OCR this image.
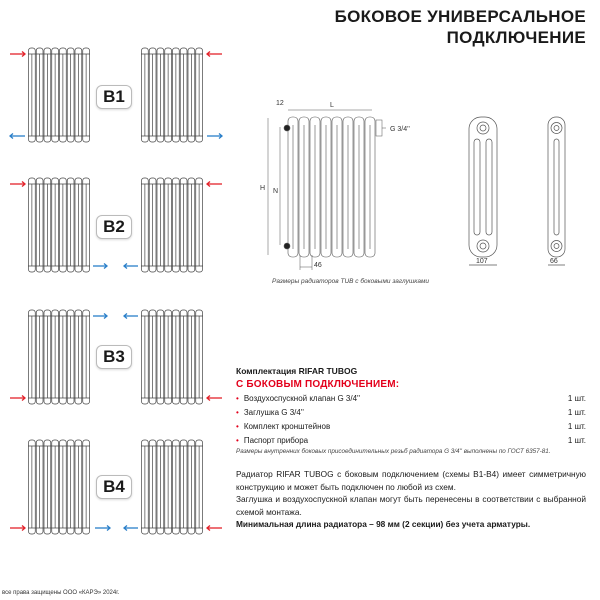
БОКОВОЕ УНИВЕРСАЛЬНОЕ
ПОДКЛЮЧЕНИЕ
B1
B2
B3
B4
12	L
G 3/4''
H N
46
107	66
Размеры радиаторов TUB с боковыми заглушками
Комплектация RIFAR TUBOG
С БОКОВЫМ ПОДКЛЮЧЕНИЕМ:
• Воздухоспускной клапан G 3/4''	1 шт.
• Заглушка G 3/4''	1 шт.
• Комплект кронштейнов	1 шт.
• Паспорт прибора	1 шт.
Размеры внутренних боковых присоединительных резьб радиатора G 3/4'' выполнены по ГОСТ 6357-81.

Радиатор RIFAR TUBOG с боковым подключением (схемы В1-В4) имеет симметричную конструкцию и может быть подключен по любой из схем.

Заглушка и воздухоспускной клапан могут быть перенесены в соответствии с выбранной схемой монтажа.

Минимальная длина радиатора – 98 мм (2 секции) без учета арматуры.

все права защищены ООО «КАРЭ» 2024г.
